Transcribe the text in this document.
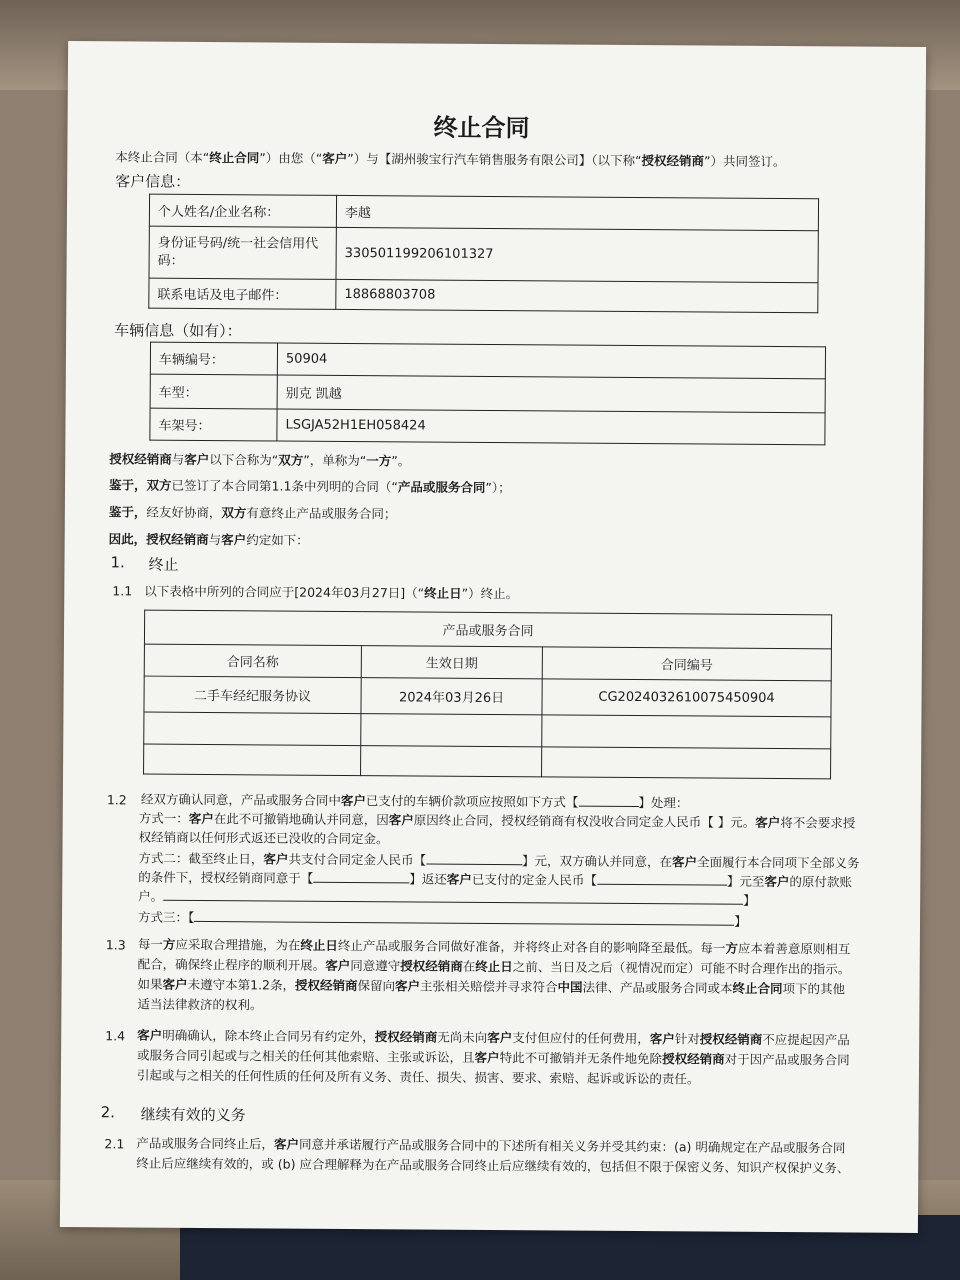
终止合同
本终止合同（本“终止合同”）由您（“客户”）与【湖州骏宝行汽车销售服务有限公司】（以下称“授权经销商”）共同签订。
客户信息：
个人姓名/企业名称：	李越
身份证号码/统一社会信用代码：	330501199206101327
联系电话及电子邮件：	18868803708
车辆信息（如有）：
车辆编号：	50904
车型：	别克 凯越
车架号：	LSGJA52H1EH058424
授权经销商与客户以下合称为“双方”，单称为“一方”。
鉴于，双方已签订了本合同第1.1条中列明的合同（“产品或服务合同”）；
鉴于，经友好协商，双方有意终止产品或服务合同；
因此，授权经销商与客户约定如下：
1. 终止
1.1 以下表格中所列的合同应于[2024年03月27日]（“终止日”）终止。
产品或服务合同		
合同名称	生效日期	合同编号
二手车经纪服务协议	2024年03月26日	CG20240326100754509​04

1.2 经双方确认同意，产品或服务合同中客户已支付的车辆价款项应按照如下方式【	】处理：
方式一：客户在此不可撤销地确认并同意，因客户原因终止合同，授权经销商有权没收合同定金人民币【 】元。客户将不会要求授
权经销商以任何形式返还已没收的合同定金。
方式二：截至终止日，客户共支付合同定金人民币【	】元，双方确认并同意，在客户全面履行本合同项下全部义务
的条件下，授权经销商同意于【	】返还客户已支付的定金人民币【	】元至客户的原付款账
户。	】
方式三：【	】
1.3 每一方应采取合理措施，为在终止日终止产品或服务合同做好准备，并将终止对各自的影响降至最低。每一方应本着善意原则相互
配合，确保终止程序的顺利开展。客户同意遵守授权经销商在终止日之前、当日及之后（视情况而定）可能不时合理作出的指示。
如果客户未遵守本第1.2条，授权经销商保留向客户主张相关赔偿并寻求符合中国法律、产品或服务合同或本终止合同项下的其他
适当法律救济的权利。
1.4 客户明确确认，除本终止合同另有约定外，授权经销商无尚未向客户支付但应付的任何费用，客户针对授权经销商不应提起因产品
或服务合同引起或与之相关的任何其他索赔、主张或诉讼，且客户特此不可撤销并无条件地免除授权经销商对于因产品或服务合同
引起或与之相关的任何性质的任何及所有义务、责任、损失、损害、要求、索赔、起诉或诉讼的责任。
2. 继续有效的义务
2.1 产品或服务合同终止后，客户同意并承诺履行产品或服务合同中的下述所有相关义务并受其约束：(a) 明确规定在产品或服务合同
终止后应继续有效的，或 (b) 应合理解释为在产品或服务合同终止后应继续有效的，包括但不限于保密义务、知识产权保护义务、
